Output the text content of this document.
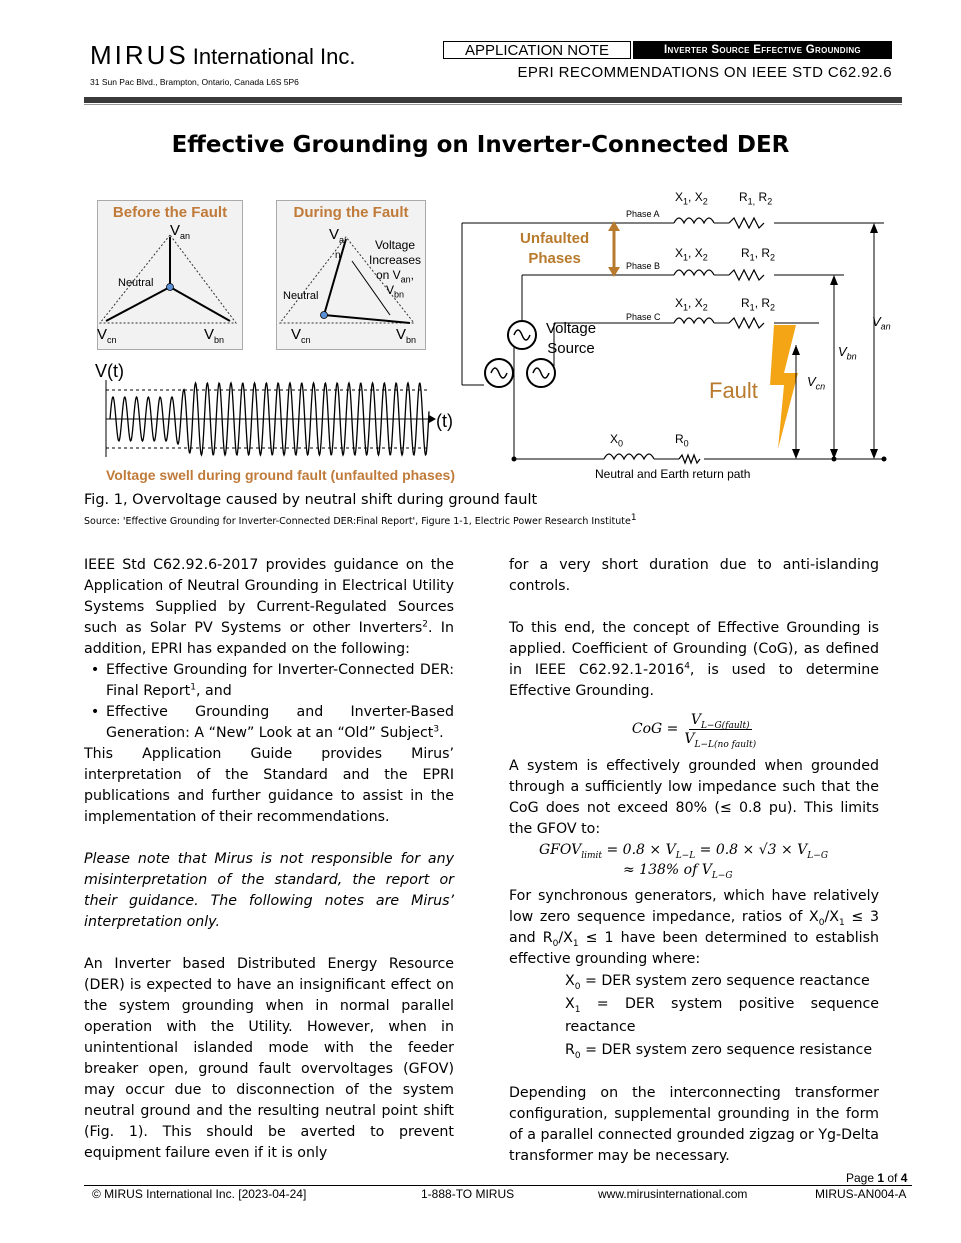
MIRUS International Inc.
31 Sun Pac Blvd., Brampton, Ontario, Canada L6S 5P6
APPLICATION NOTE	Inverter Source Effective Grounding
EPRI RECOMMENDATIONS ON IEEE STD C62.92.6
Effective Grounding on Inverter-Connected DER
Before the Fault	During the Fault
$V_{an}$
Neutral
$V_{cn}$	$V_{bn}$
$V_a$
n
Voltage
Increases
on $V_{an}$,
$V_{bn}$
Neutral
$V_{cn}$	$V_{bn}$
V(t)
(t)
Voltage swell during ground fault (unfaulted phases)
Phase A
Phase B
Phase C
$X_1$, $X_2$
$X_1$, $X_2$
$X_1$, $X_2$
$R_{1,}$ $R_2$
$R_1$, $R_2$
$R_1$, $R_2$
Unfaulted
Phases
Voltage
Source
Fault
$V_{an}$
$V_{bn}$
$V_{cn}$
$X_0$	$R_0$
Neutral and Earth return path
Fig. 1, Overvoltage caused by neutral shift during ground fault
Source: 'Effective Grounding for Inverter-Connected DER:Final Report', Figure 1-1, Electric Power Research Institute$^1$

IEEE Std C62.92.6-2017 provides guidance on the Application of Neutral Grounding in Electrical Utility Systems Supplied by Current-Regulated Sources such as Solar PV Systems or other Inverters$^2$. In addition, EPRI has expanded on the following:

• Effective Grounding for Inverter-Connected DER: Final Report$^1$, and
• Effective Grounding and Inverter-Based Generation: A “New” Look at an “Old” Subject$^3$.

This Application Guide provides Mirus’ interpretation of the Standard and the EPRI publications and further guidance to assist in the implementation of their recommendations.

Please note that Mirus is not responsible for any misinterpretation of the standard, the report or their guidance. The following notes are Mirus’ interpretation only.

An Inverter based Distributed Energy Resource (DER) is expected to have an insignificant effect on the system grounding when in normal parallel operation with the Utility. However, when in unintentional islanded mode with the feeder breaker open, ground fault overvoltages (GFOV) may occur due to disconnection of the system neutral ground and the resulting neutral point shift (Fig. 1). This should be averted to prevent equipment failure even if it is only

for a very short duration due to anti-islanding controls.

To this end, the concept of Effective Grounding is applied. Coefficient of Grounding (CoG), as defined in IEEE C62.92.1-2016$^4$, is used to determine Effective Grounding.

CoG =
$V_{L-G(fault)}$
$V_{L-L(no fault)}$

A system is effectively grounded when grounded through a sufficiently low impedance such that the CoG does not exceed 80% (≤ 0.8 pu). This limits the GFOV to:

$GFOV_{limit} = 0.8 \times V_{L-L} = 0.8 \times √3 \times V_{L-G}$
≈ 138% of $V_{L-G}$

For synchronous generators, which have relatively low zero sequence impedance, ratios of $X_0/X_1 \le 3$ and $R_0/X_1 \le 1$ have been determined to establish effective grounding where:

$X_0$ = DER system zero sequence reactance
$X_1$ = DER system positive sequence reactance
$R_0$ = DER system zero sequence resistance

Depending on the interconnecting transformer configuration, supplemental grounding in the form of a parallel connected grounded zigzag or Yg-Delta transformer may be necessary.

Page 1 of 4
© MIRUS International Inc. [2023-04-24]	1-888-TO MIRUS	www.mirusinternational.com	MIRUS-AN004-A
